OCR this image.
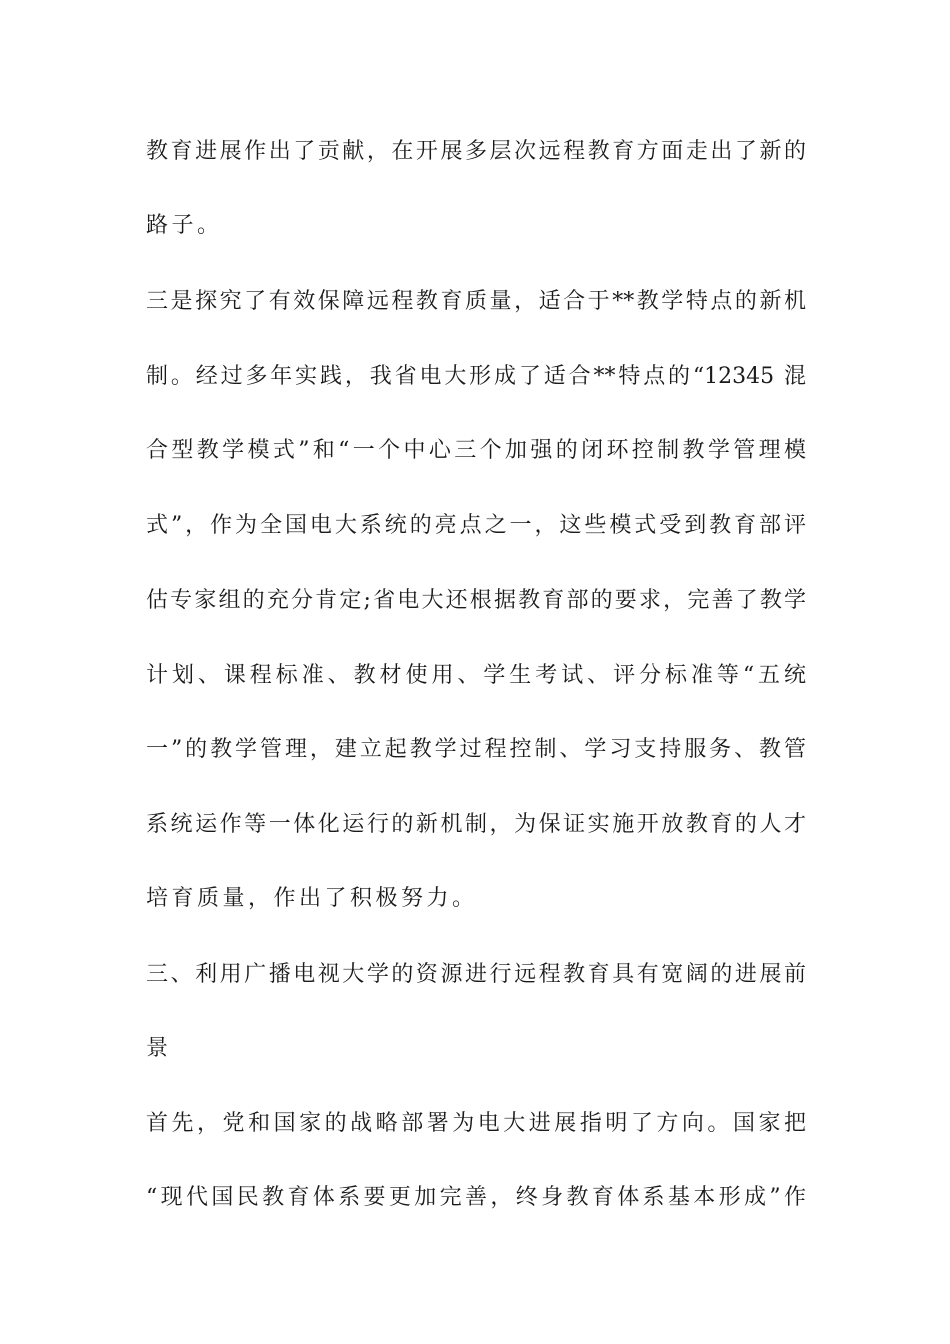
教育进展作出了贡献，在开展多层次远程教育方面走出了新的
路子。
三是探究了有效保障远程教育质量，适合于**教学特点的新机
制。经过多年实践，我省电大形成了适合**特点的“12345 混
合型教学模式”和“一个中心三个加强的闭环控制教学管理模
式”，作为全国电大系统的亮点之一，这些模式受到教育部评
估专家组的充分肯定;省电大还根据教育部的要求，完善了教学
计划、课程标准、教材使用、学生考试、评分标准等“五统
一”的教学管理，建立起教学过程控制、学习支持服务、教管
系统运作等一体化运行的新机制，为保证实施开放教育的人才
培育质量，作出了积极努力。
三、利用广播电视大学的资源进行远程教育具有宽阔的进展前
景
首先，党和国家的战略部署为电大进展指明了方向。国家把
“现代国民教育体系要更加完善，终身教育体系基本形成”作
